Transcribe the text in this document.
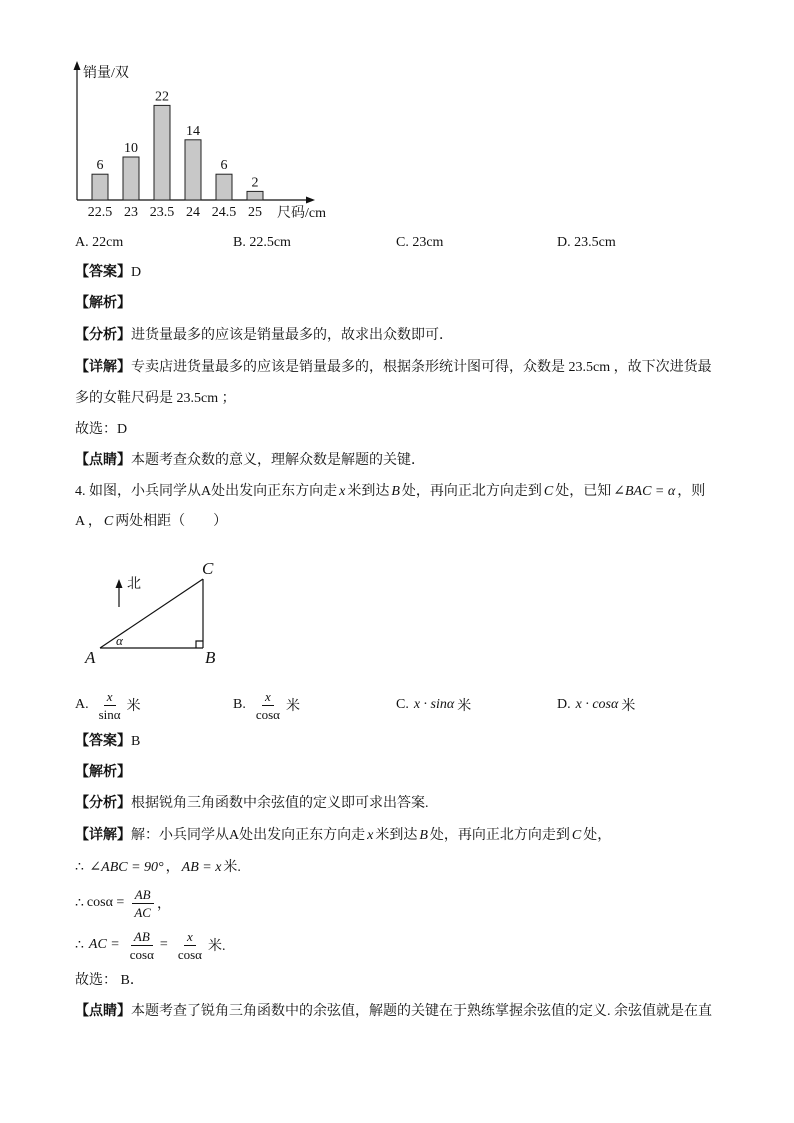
销量/双
尺码/cm
6
22.5
10
23
22
23.5
14
24
6
24.5
2
25
A. 22cm	B. 22.5cm	C. 23cm	D. 23.5cm
【答案】D
【解析】
【分析】进货量最多的应该是销量最多的，故求出众数即可．
【详解】专卖店进货量最多的应该是销量最多的，根据条形统计图可得，众数是 23.5cm ，故下次进货最
多的女鞋尺码是 23.5cm ；
故选：D
【点睛】本题考查众数的意义，理解众数是解题的关键．
4. 如图，小兵同学从A处出发向正东方向走 x 米到达 B 处，再向正北方向走到 C 处，已知 ∠BAC = α ，则
A ， C 两处相距（　　）
北
C
A	B
α
A. $\frac{x}{\sin\alpha}$ 米	B. $\frac{x}{\cos\alpha}$ 米	C. x · sinα 米	D. x · cosα 米
【答案】B
【解析】
【分析】根据锐角三角函数中余弦值的定义即可求出答案.
【详解】解：小兵同学从A处出发向正东方向走 x 米到达 B 处，再向正北方向走到 C 处，
∴ ∠ABC = 90° ， AB = x 米.
∴ $\cos\alpha = \frac{AB}{AC}$ ，
∴ AC = $\frac{AB}{\cos\alpha} = \frac{x}{\cos\alpha}$ 米.
故选： B．
【点睛】本题考查了锐角三角函数中的余弦值，解题的关键在于熟练掌握余弦值的定义. 余弦值就是在直
